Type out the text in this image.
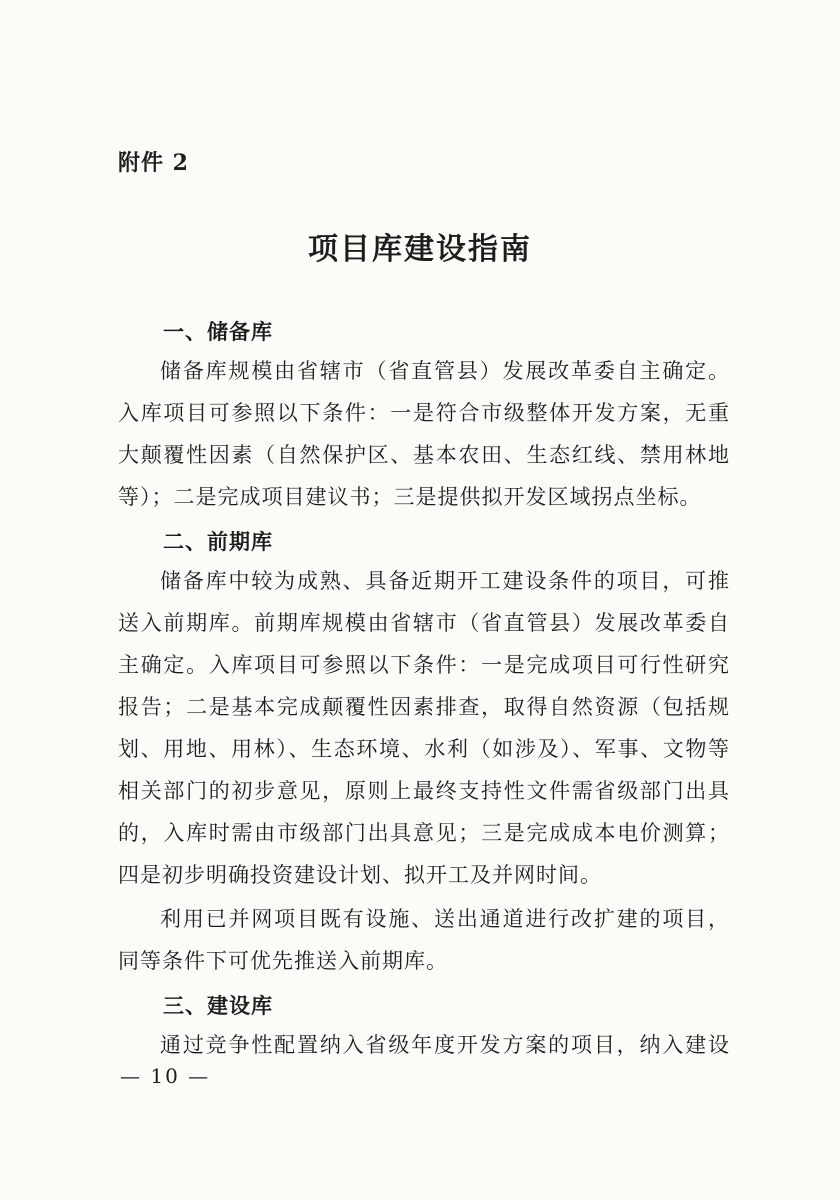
附件 2
项目库建设指南
一、储备库
储备库规模由省辖市（省直管县）发展改革委自主确定。
入库项目可参照以下条件：一是符合市级整体开发方案，无重
大颠覆性因素（自然保护区、基本农田、生态红线、禁用林地
等）；二是完成项目建议书；三是提供拟开发区域拐点坐标。
二、前期库
储备库中较为成熟、具备近期开工建设条件的项目，可推
送入前期库。前期库规模由省辖市（省直管县）发展改革委自
主确定。入库项目可参照以下条件：一是完成项目可行性研究
报告；二是基本完成颠覆性因素排查，取得自然资源（包括规
划、用地、用林）、生态环境、水利（如涉及）、军事、文物等
相关部门的初步意见，原则上最终支持性文件需省级部门出具
的，入库时需由市级部门出具意见；三是完成成本电价测算；
四是初步明确投资建设计划、拟开工及并网时间。
利用已并网项目既有设施、送出通道进行改扩建的项目，
同等条件下可优先推送入前期库。
三、建设库
通过竞争性配置纳入省级年度开发方案的项目，纳入建设
— 10 —
